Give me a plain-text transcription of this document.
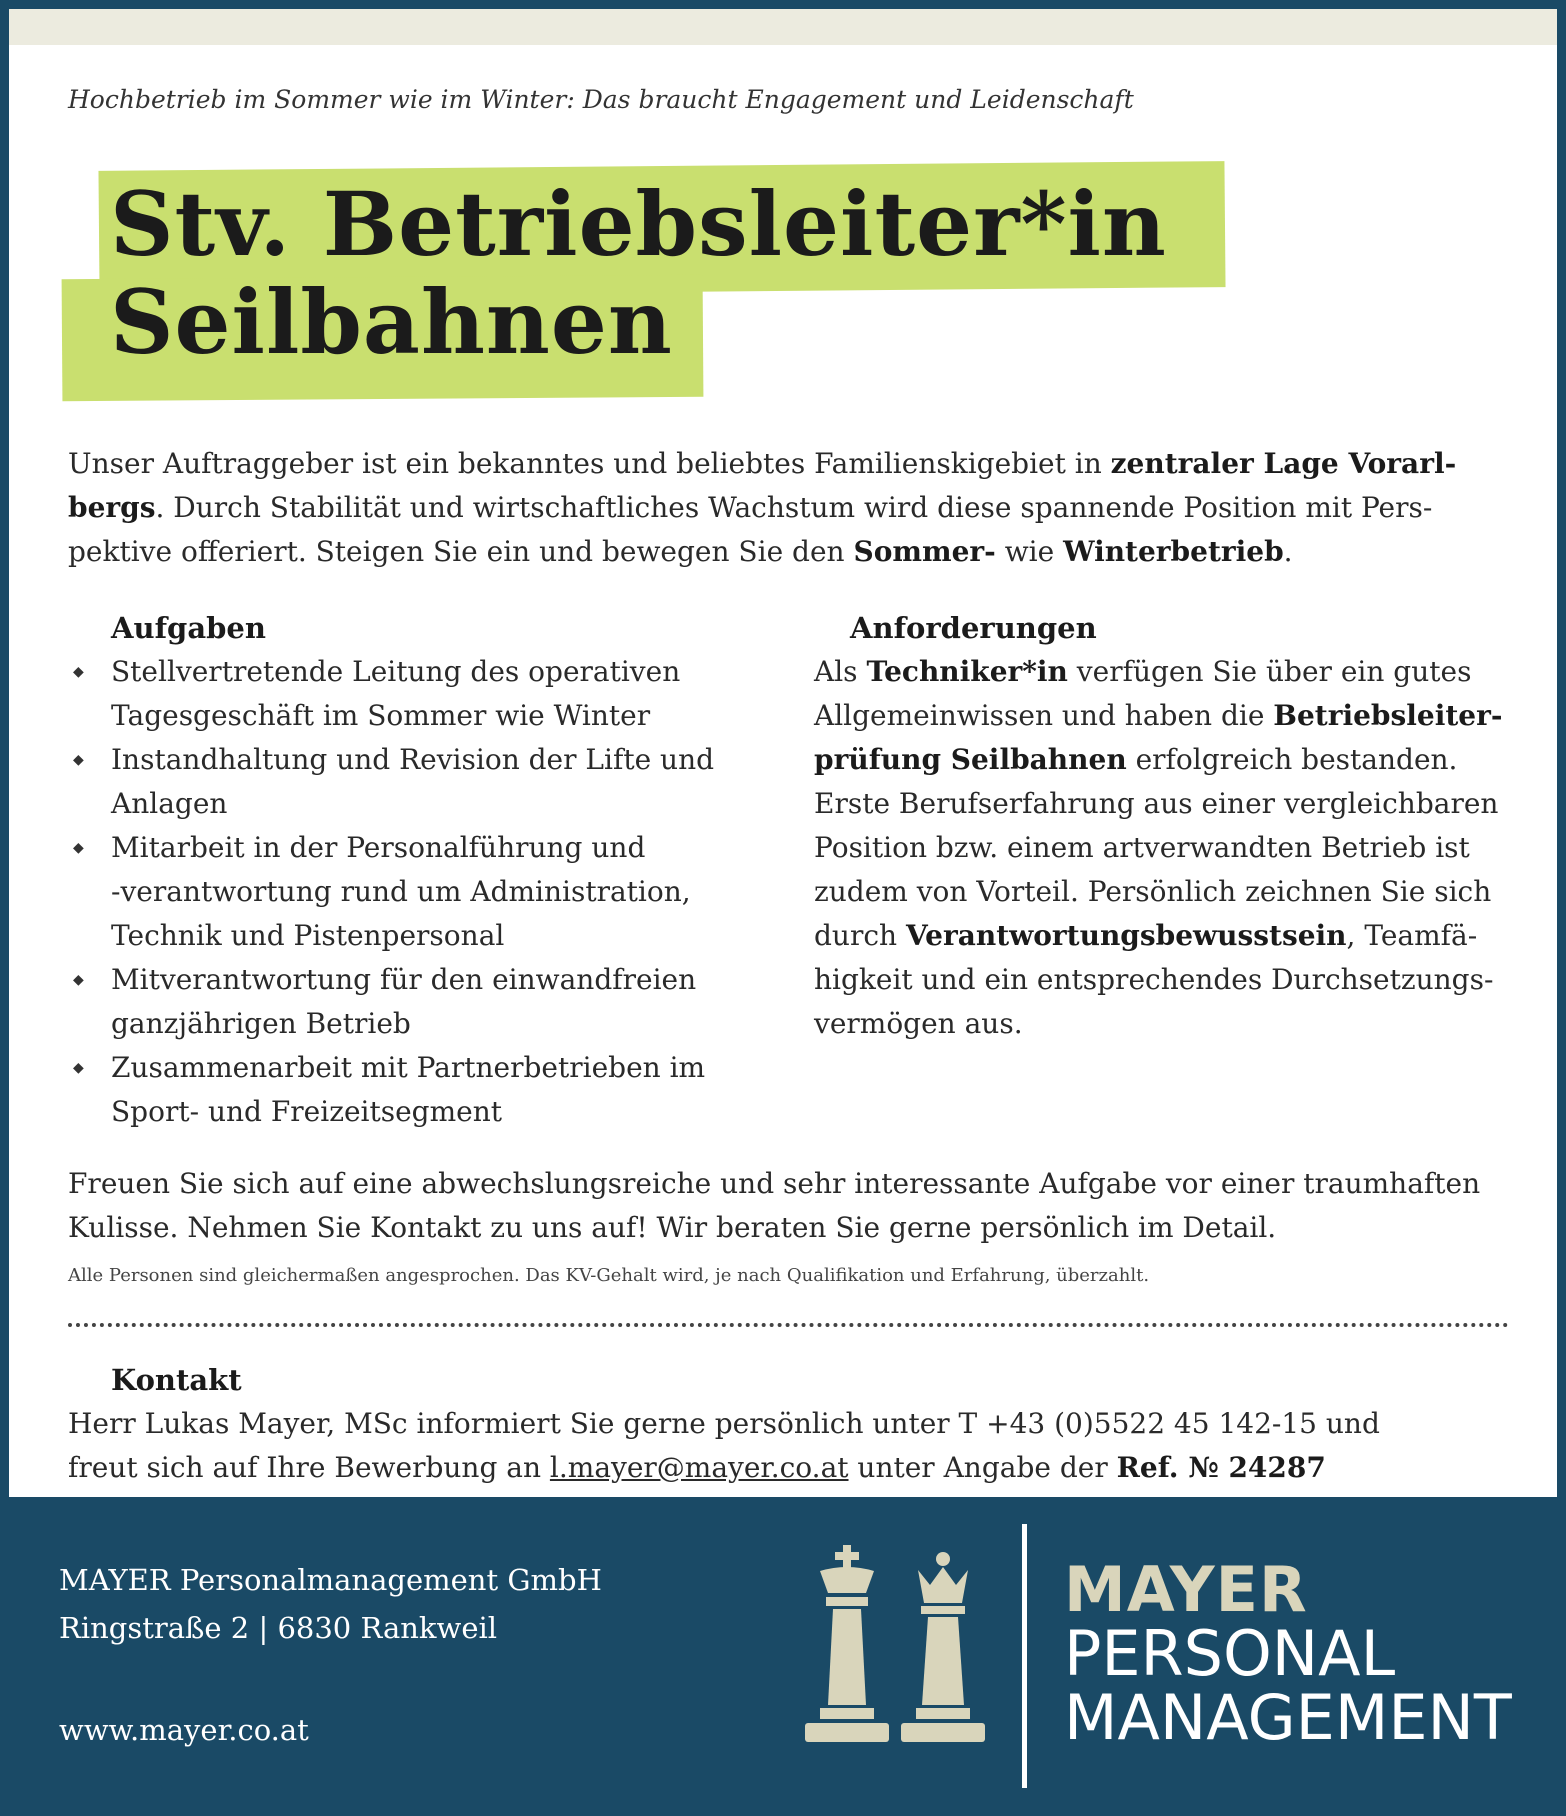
Hochbetrieb im Sommer wie im Winter: Das braucht Engagement und Leidenschaft
Stv. Betriebsleiter*in
Seilbahnen
Unser Auftraggeber ist ein bekanntes und beliebtes Familienskigebiet in zentraler Lage Vorarl-
bergs. Durch Stabilität und wirtschaftliches Wachstum wird diese spannende Position mit Pers-
pektive offeriert. Steigen Sie ein und bewegen Sie den Sommer- wie Winterbetrieb.
Aufgaben
◆ Stellvertretende Leitung des operativen
Tagesgeschäft im Sommer wie Winter
◆ Instandhaltung und Revision der Lifte und
Anlagen
◆ Mitarbeit in der Personalführung und
-verantwortung rund um Administration,
Technik und Pistenpersonal
◆ Mitverantwortung für den einwandfreien
ganzjährigen Betrieb
◆ Zusammenarbeit mit Partnerbetrieben im
Sport- und Freizeitsegment
Anforderungen
Als Techniker*in verfügen Sie über ein gutes
Allgemeinwissen und haben die Betriebsleiter-
prüfung Seilbahnen erfolgreich bestanden.
Erste Berufserfahrung aus einer vergleichbaren
Position bzw. einem artverwandten Betrieb ist
zudem von Vorteil. Persönlich zeichnen Sie sich
durch Verantwortungsbewusstsein, Teamfä-
higkeit und ein entsprechendes Durchsetzungs-
vermögen aus.
Freuen Sie sich auf eine abwechslungsreiche und sehr interessante Aufgabe vor einer traumhaften
Kulisse. Nehmen Sie Kontakt zu uns auf! Wir beraten Sie gerne persönlich im Detail.
Alle Personen sind gleichermaßen angesprochen. Das KV-Gehalt wird, je nach Qualifikation und Erfahrung, überzahlt.
Kontakt
Herr Lukas Mayer, MSc informiert Sie gerne persönlich unter T +43 (0)5522 45 142-15 und
freut sich auf Ihre Bewerbung an l.mayer@mayer.co.at unter Angabe der Ref. № 24287
MAYER Personalmanagement GmbH
Ringstraße 2 | 6830 Rankweil
www.mayer.co.at
MAYER
PERSONAL
MANAGEMENT
